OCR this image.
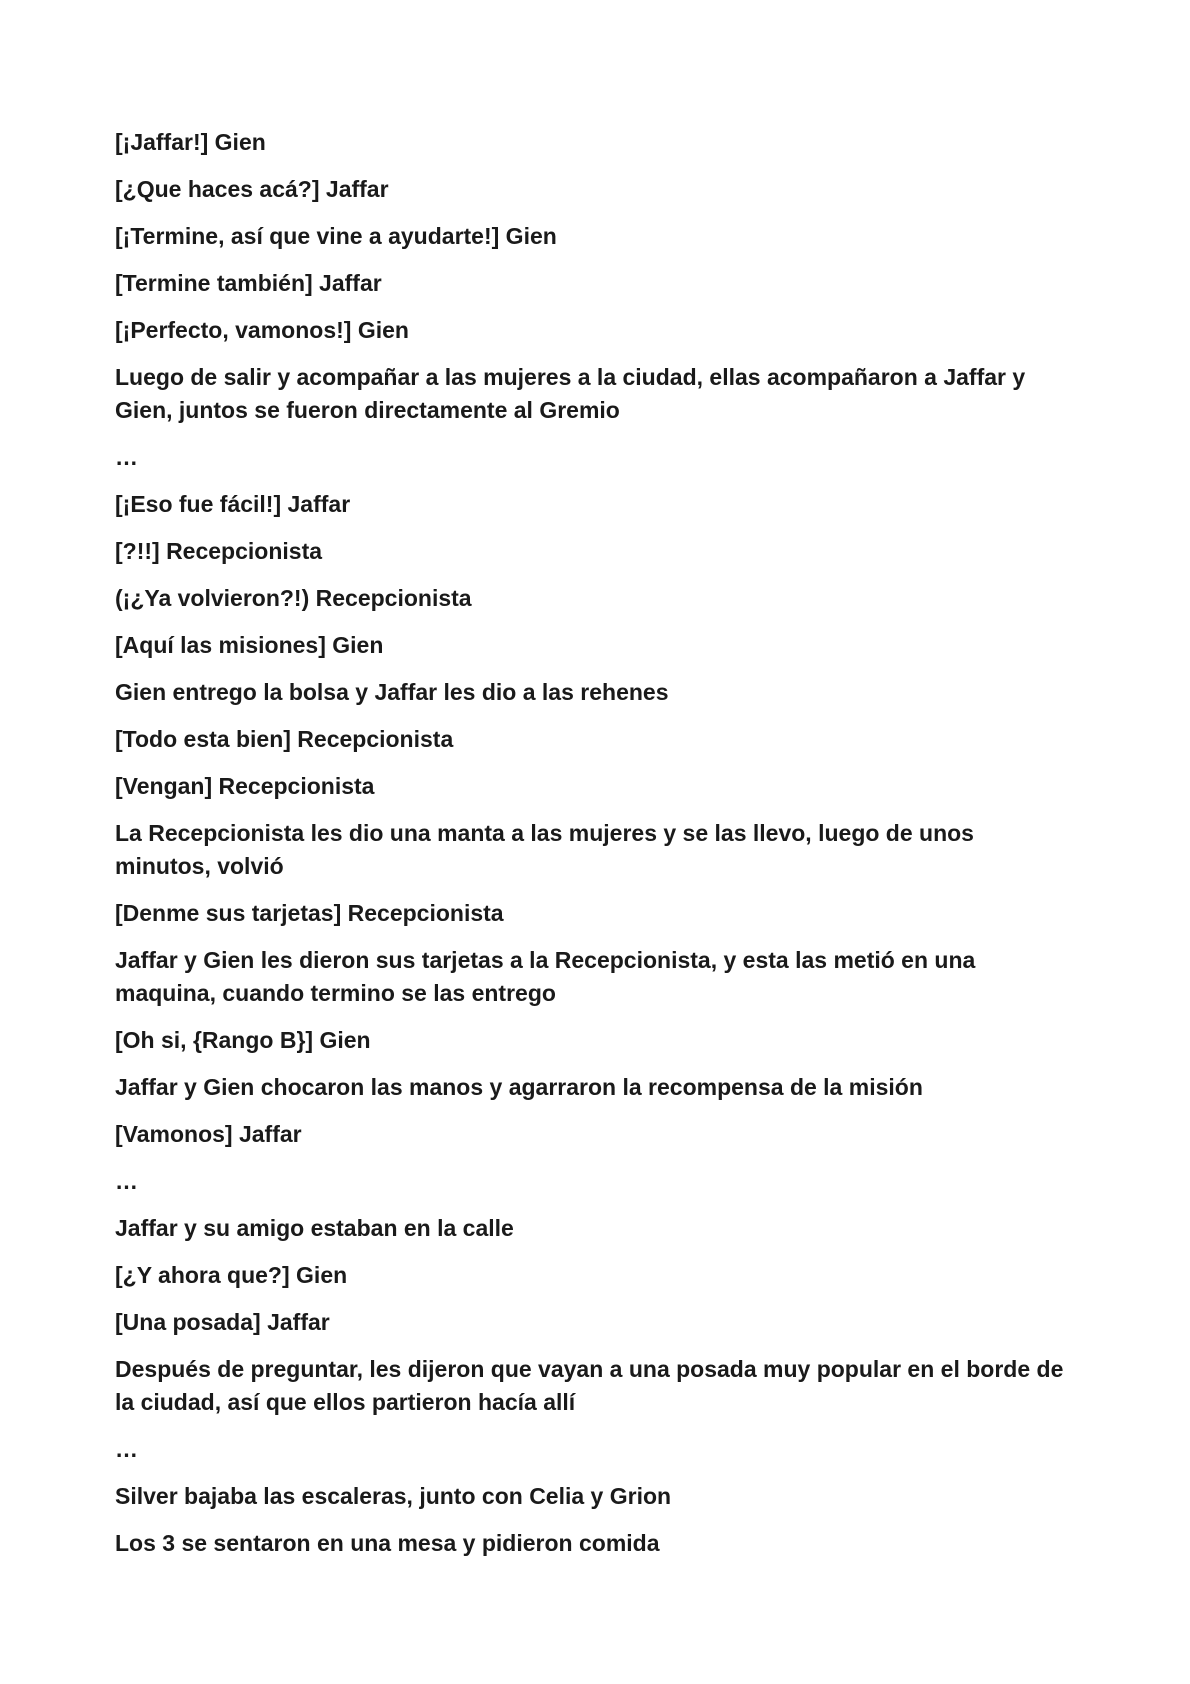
[¡Jaffar!] Gien

[¿Que haces acá?] Jaffar

[¡Termine, así que vine a ayudarte!] Gien

[Termine también] Jaffar

[¡Perfecto, vamonos!] Gien

Luego de salir y acompañar a las mujeres a la ciudad, ellas acompañaron a Jaffar y Gien, juntos se fueron directamente al Gremio

…

[¡Eso fue fácil!] Jaffar

[?!!] Recepcionista

(¡¿Ya volvieron?!) Recepcionista

[Aquí las misiones] Gien

Gien entrego la bolsa y Jaffar les dio a las rehenes

[Todo esta bien] Recepcionista

[Vengan] Recepcionista

La Recepcionista les dio una manta a las mujeres y se las llevo, luego de unos minutos, volvió

[Denme sus tarjetas] Recepcionista

Jaffar y Gien les dieron sus tarjetas a la Recepcionista, y esta las metió en una maquina, cuando termino se las entrego

[Oh si, {Rango B}] Gien

Jaffar y Gien chocaron las manos y agarraron la recompensa de la misión

[Vamonos] Jaffar

…

Jaffar y su amigo estaban en la calle

[¿Y ahora que?] Gien

[Una posada] Jaffar

Después de preguntar, les dijeron que vayan a una posada muy popular en el borde de la ciudad, así que ellos partieron hacía allí

…

Silver bajaba las escaleras, junto con Celia y Grion

Los 3 se sentaron en una mesa y pidieron comida
